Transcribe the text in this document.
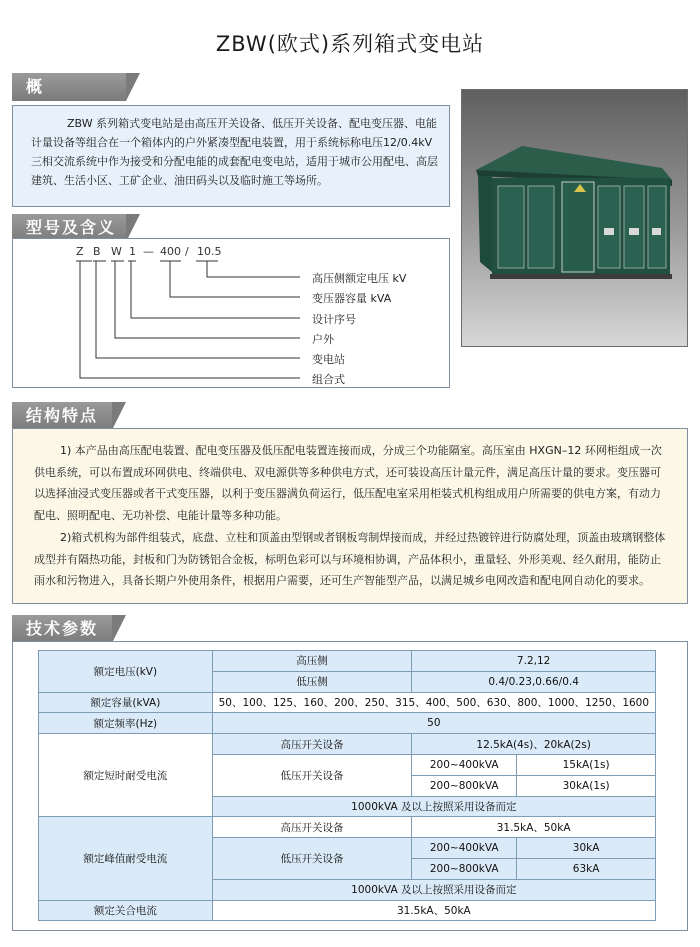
ZBW(欧式)系列箱式变电站
概
ZBW 系列箱式变电站是由高压开关设备、低压开关设备、配电变压器、电能计量设备等组合在一个箱体内的户外紧凑型配电装置，用于系统标称电压12/0.4kV 三相交流系统中作为接受和分配电能的成套配电变电站，适用于城市公用配电、高层建筑、生活小区、工矿企业、油田码头以及临时施工等场所。
型号及含义
Z B W 1 — 400 / 10.5
高压侧额定电压 kV
变压器容量 kVA
设计序号
户外
变电站
组合式
结构特点
1) 本产品由高压配电装置、配电变压器及低压配电装置连接而成，分成三个功能隔室。高压室由 HXGN–12 环网柜组成一次供电系统，可以布置成环网供电、终端供电、双电源供等多种供电方式，还可装设高压计量元件，满足高压计量的要求。变压器可以选择油浸式变压器或者干式变压器，以利于变压器满负荷运行，低压配电室采用柜装式机构组成用户所需要的供电方案，有动力配电、照明配电、无功补偿、电能计量等多种功能。
2)箱式机构为部件组装式，底盘、立柱和顶盖由型钢或者钢板弯制焊接而成，并经过热镀锌进行防腐处理，顶盖由玻璃钢整体成型并有隔热功能，封板和门为防锈铝合金板，标明色彩可以与环境相协调，产品体积小，重量轻、外形美观、经久耐用，能防止雨水和污物进入，具备长期户外使用条件，根据用户需要，还可生产智能型产品，以满足城乡电网改造和配电网自动化的要求。
技术参数
额定电压(kV)	高压侧	7.2,12	
	低压侧	0.4/0.23,0.66/0.4	
额定容量(kVA)	50、100、125、160、200、250、315、400、500、630、800、1000、1250、1600		
额定频率(Hz)	50		
额定短时耐受电流	高压开关设备	12.5kA(4s)、20kA(2s)	
	低压开关设备	200~400kVA	15kA(1s)
		200~800kVA	30kA(1s)
	1000kVA 及以上按照采用设备而定		
额定峰值耐受电流	高压开关设备	31.5kA、50kA	
	低压开关设备	200~400kVA	30kA
		200~800kVA	63kA
	1000kVA 及以上按照采用设备而定		
额定关合电流	31.5kA、50kA		
